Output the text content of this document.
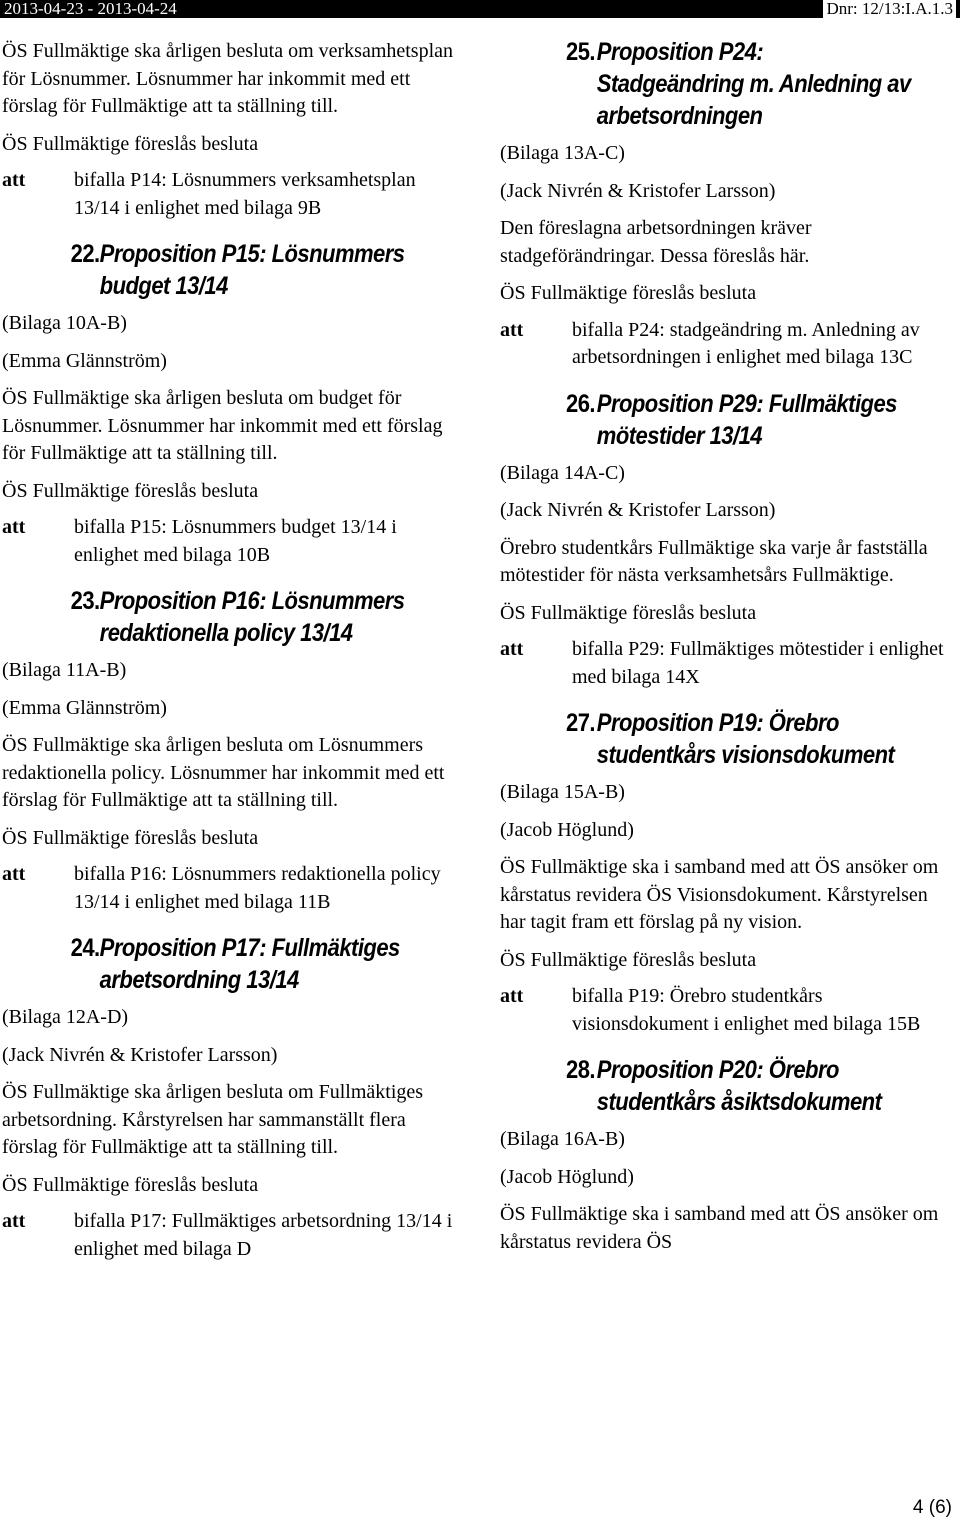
2013-04-23 - 2013-04-24	Dnr: 12/13:I.A.1.3

ÖS Fullmäktige ska årligen besluta om verksamhetsplan för Lösnummer. Lösnummer har inkommit med ett förslag för Fullmäktige att ta ställning till.

ÖS Fullmäktige föreslås besluta

att	bifalla P14: Lösnummers verksamhetsplan 13/14 i enlighet med bilaga 9B
22. Proposition P15: Lösnummers
budget 13/14

(Bilaga 10A-B)

(Emma Glännström)

ÖS Fullmäktige ska årligen besluta om budget för Lösnummer. Lösnummer har inkommit med ett förslag för Fullmäktige att ta ställning till.

ÖS Fullmäktige föreslås besluta

att	bifalla P15: Lösnummers budget 13/14 i enlighet med bilaga 10B
23. Proposition P16: Lösnummers
redaktionella policy 13/14

(Bilaga 11A-B)

(Emma Glännström)

ÖS Fullmäktige ska årligen besluta om Lösnummers redaktionella policy. Lösnummer har inkommit med ett förslag för Fullmäktige att ta ställning till.

ÖS Fullmäktige föreslås besluta

att	bifalla P16: Lösnummers redaktionella policy 13/14 i enlighet med bilaga 11B
24. Proposition P17: Fullmäktiges
arbetsordning 13/14

(Bilaga 12A-D)

(Jack Nivrén & Kristofer Larsson)

ÖS Fullmäktige ska årligen besluta om Fullmäktiges arbetsordning. Kårstyrelsen har sammanställt flera förslag för Fullmäktige att ta ställning till.

ÖS Fullmäktige föreslås besluta

att	bifalla P17: Fullmäktiges arbetsordning 13/14 i enlighet med bilaga D
25. Proposition P24:
Stadgeändring m. Anledning av
arbetsordningen

(Bilaga 13A-C)

(Jack Nivrén & Kristofer Larsson)

Den föreslagna arbetsordningen kräver stadgeförändringar. Dessa föreslås här.

ÖS Fullmäktige föreslås besluta

att	bifalla P24: stadgeändring m. Anledning av arbetsordningen i enlighet med bilaga 13C
26. Proposition P29: Fullmäktiges
mötestider 13/14

(Bilaga 14A-C)

(Jack Nivrén & Kristofer Larsson)

Örebro studentkårs Fullmäktige ska varje år fastställa mötestider för nästa verksamhetsårs Fullmäktige.

ÖS Fullmäktige föreslås besluta

att	bifalla P29: Fullmäktiges mötestider i enlighet med bilaga 14X
27. Proposition P19: Örebro
studentkårs visionsdokument

(Bilaga 15A-B)

(Jacob Höglund)

ÖS Fullmäktige ska i samband med att ÖS ansöker om kårstatus revidera ÖS Visionsdokument. Kårstyrelsen har tagit fram ett förslag på ny vision.

ÖS Fullmäktige föreslås besluta

att	bifalla P19: Örebro studentkårs visionsdokument i enlighet med bilaga 15B
28. Proposition P20: Örebro
studentkårs åsiktsdokument

(Bilaga 16A-B)

(Jacob Höglund)

ÖS Fullmäktige ska i samband med att ÖS ansöker om kårstatus revidera ÖS

4 (6)
